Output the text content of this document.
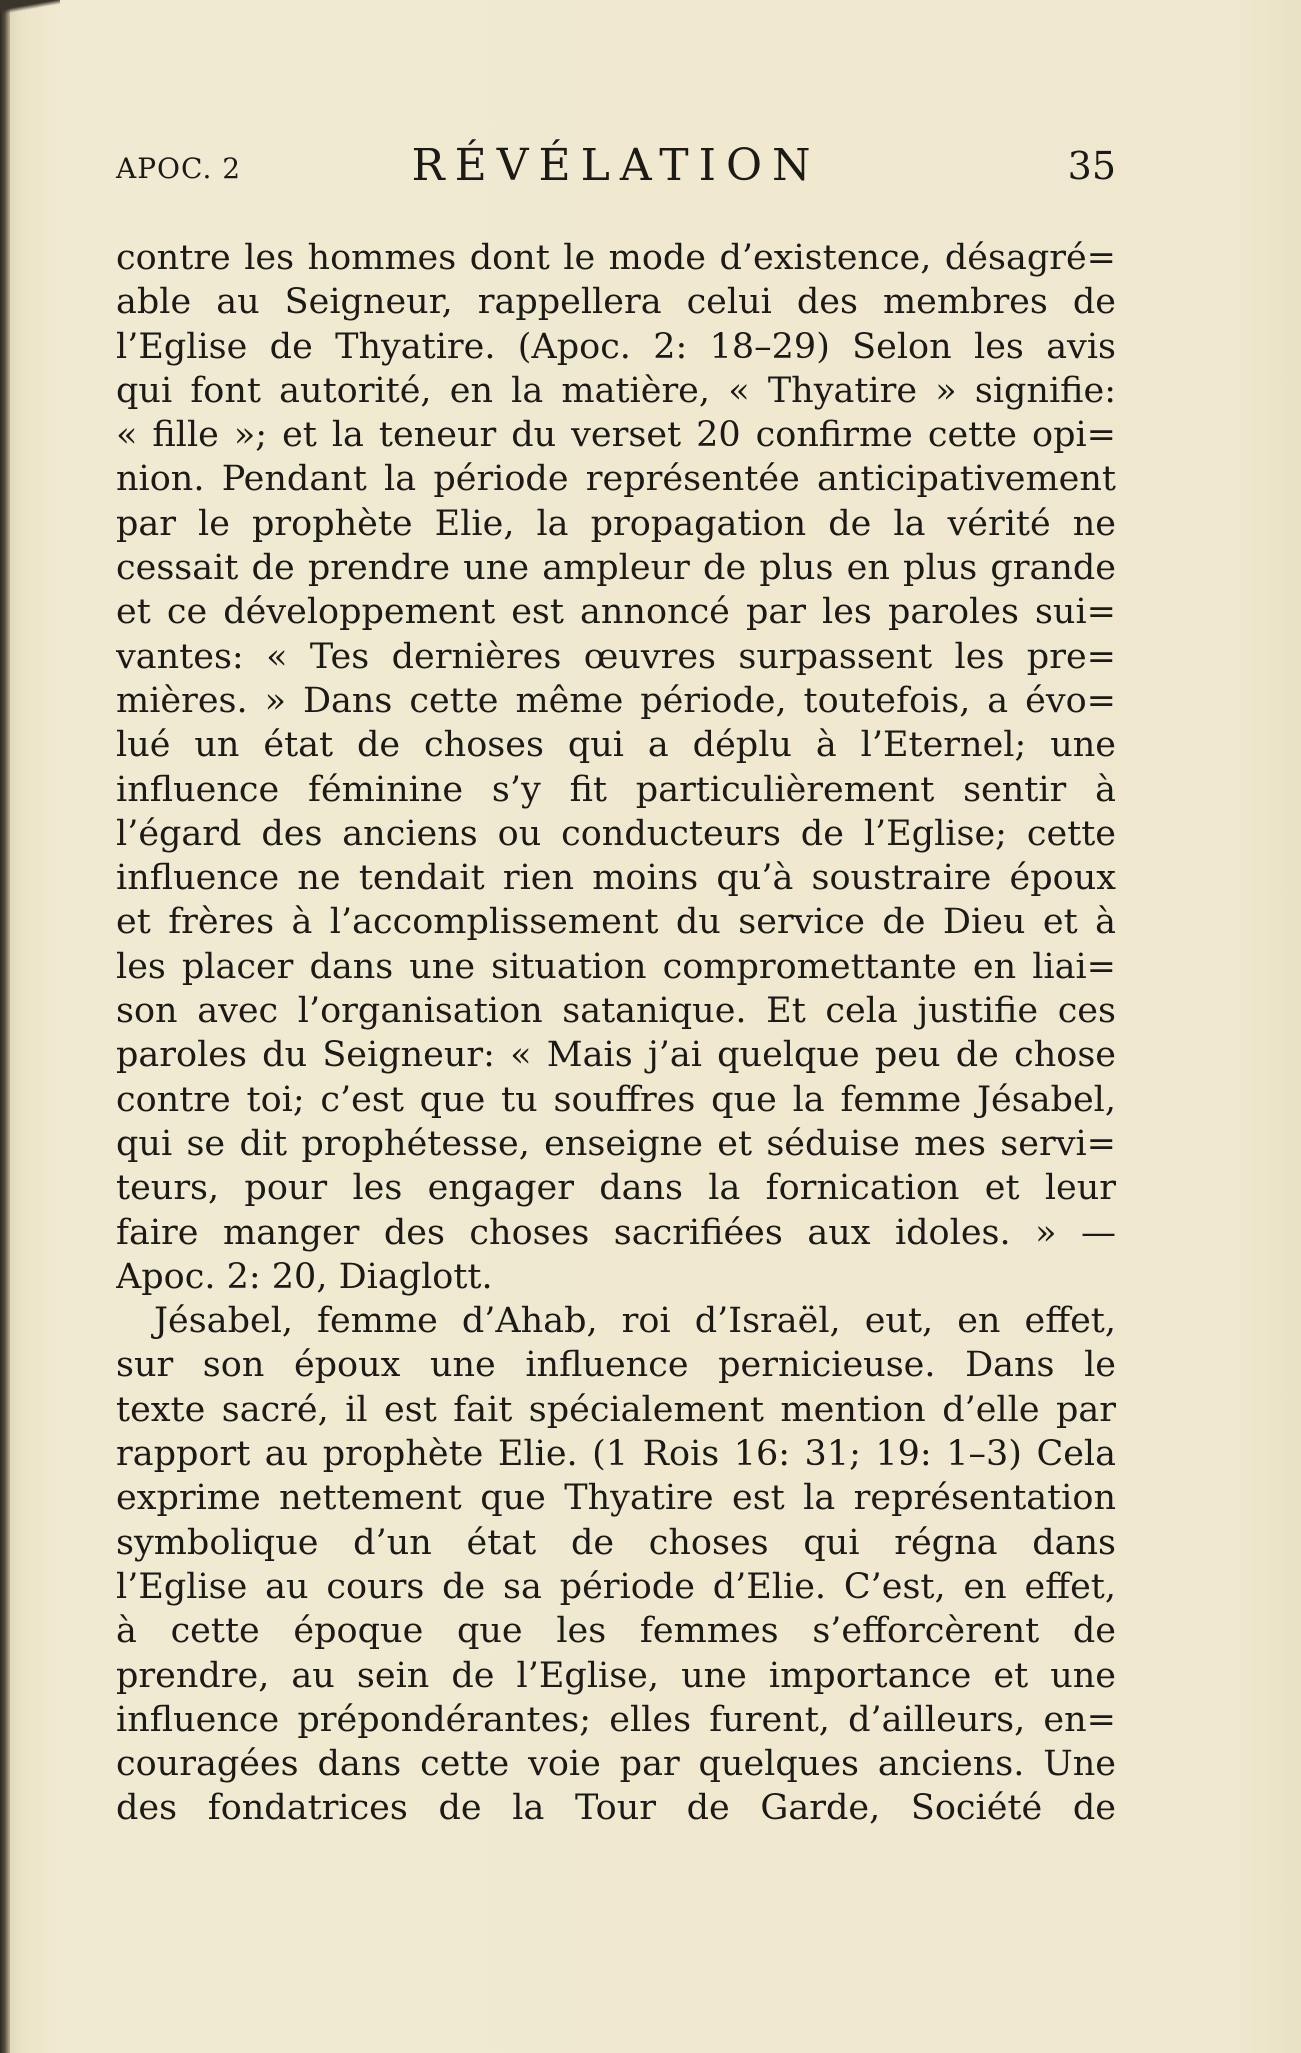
APOC. 2	RÉVÉLATION	35
contre les hommes dont le mode d’existence, désagré=
able au Seigneur, rappellera celui des membres de
l’Eglise de Thyatire. (Apoc. 2: 18–29) Selon les avis
qui font autorité, en la matière, « Thyatire » signifie:
« fille »; et la teneur du verset 20 confirme cette opi=
nion. Pendant la période représentée anticipativement
par le prophète Elie, la propagation de la vérité ne
cessait de prendre une ampleur de plus en plus grande
et ce développement est annoncé par les paroles sui=
vantes: « Tes dernières œuvres surpassent les pre=
mières. » Dans cette même période, toutefois, a évo=
lué un état de choses qui a déplu à l’Eternel; une
influence féminine s’y fit particulièrement sentir à
l’égard des anciens ou conducteurs de l’Eglise; cette
influence ne tendait rien moins qu’à soustraire époux
et frères à l’accomplissement du service de Dieu et à
les placer dans une situation compromettante en liai=
son avec l’organisation satanique. Et cela justifie ces
paroles du Seigneur: « Mais j’ai quelque peu de chose
contre toi; c’est que tu souffres que la femme Jésabel,
qui se dit prophétesse, enseigne et séduise mes servi=
teurs, pour les engager dans la fornication et leur
faire manger des choses sacrifiées aux idoles. » —
Apoc. 2: 20, Diaglott.
Jésabel, femme d’Ahab, roi d’Israël, eut, en effet,
sur son époux une influence pernicieuse. Dans le
texte sacré, il est fait spécialement mention d’elle par
rapport au prophète Elie. (1 Rois 16: 31; 19: 1–3) Cela
exprime nettement que Thyatire est la représentation
symbolique d’un état de choses qui régna dans
l’Eglise au cours de sa période d’Elie. C’est, en effet,
à cette époque que les femmes s’efforcèrent de
prendre, au sein de l’Eglise, une importance et une
influence prépondérantes; elles furent, d’ailleurs, en=
couragées dans cette voie par quelques anciens. Une
des fondatrices de la Tour de Garde, Société de
